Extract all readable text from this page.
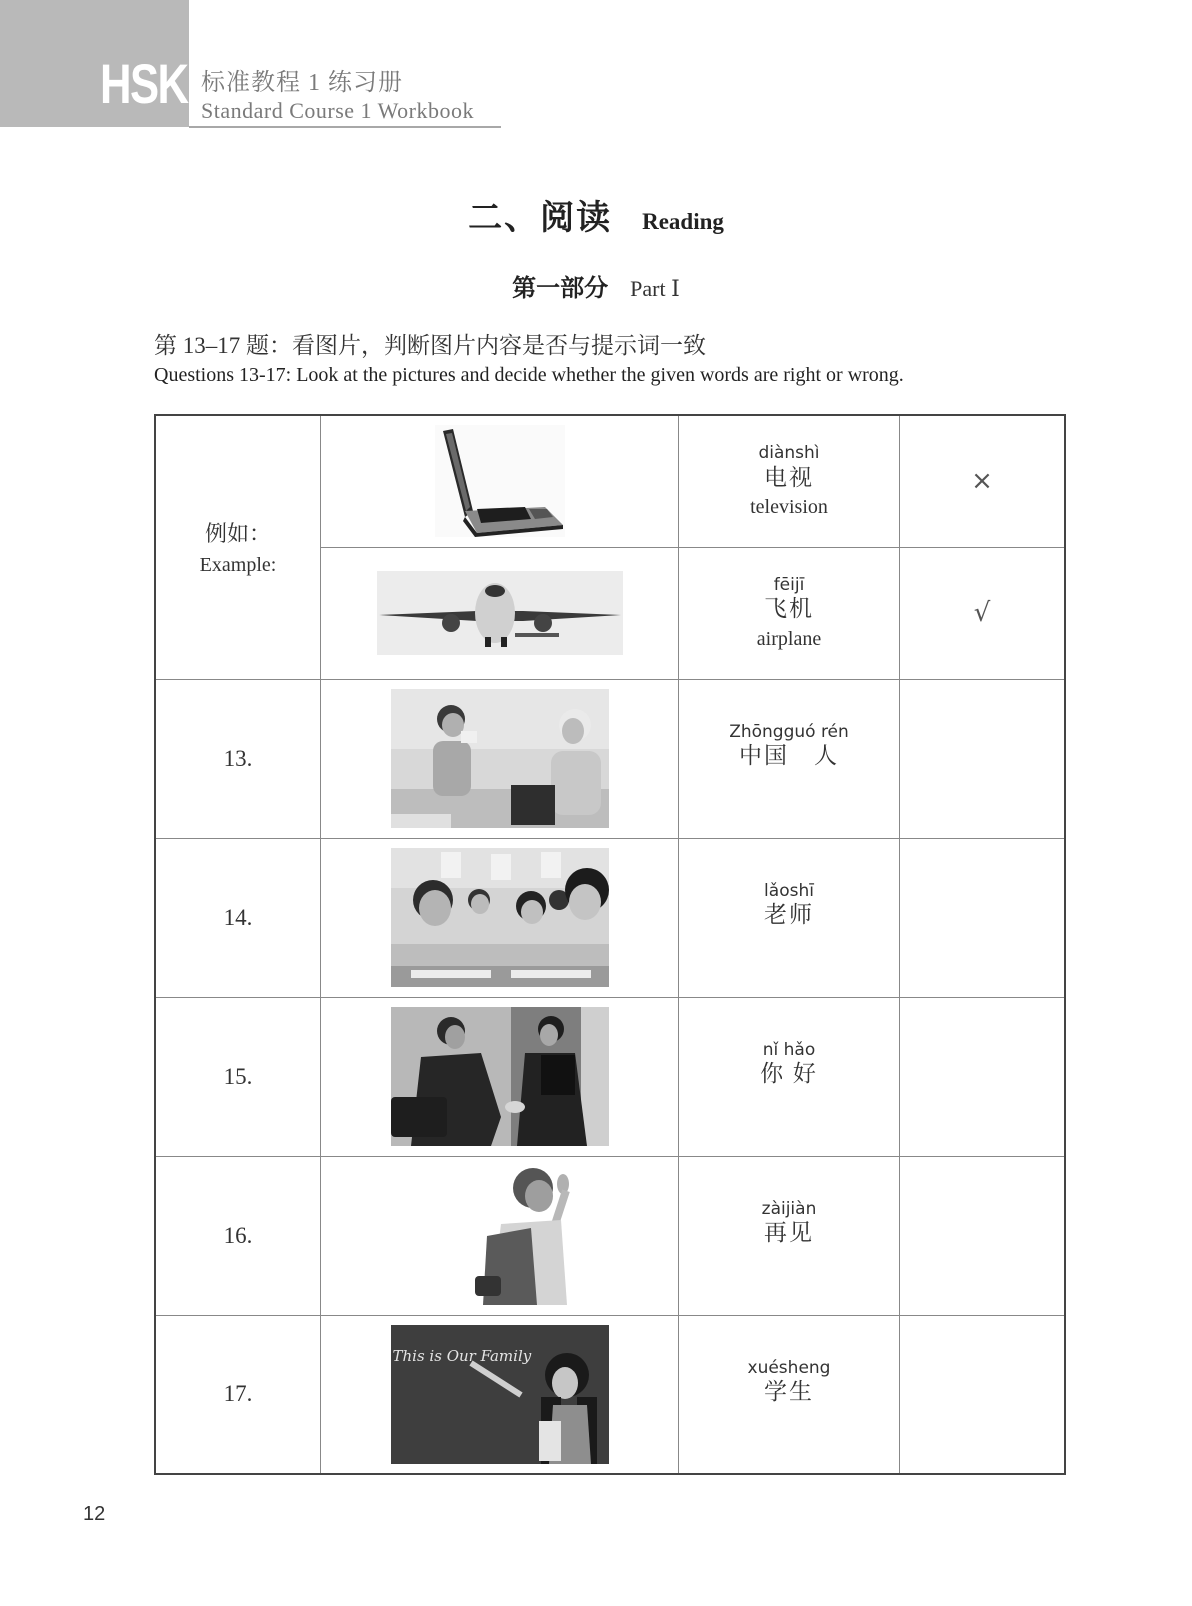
HSK 标准教程 1 练习册
Standard Course 1 Workbook
二、阅读 Reading
第一部分 Part Ⅰ
第 13–17 题：看图片，判断图片内容是否与提示词一致
Questions 13-17: Look at the pictures and decide whether the given words are right or wrong.
例如：
Example:

diànshì
电视
television
	×

fēijī
飞机
airplane	√
13.		Zhōngguó rén
中国　人	

14.		lǎoshī
老师	

15.		nǐ hǎo
你 好	

16.		zàijiàn
再见	

17.	This is Our Family	xuésheng
学生	

12
